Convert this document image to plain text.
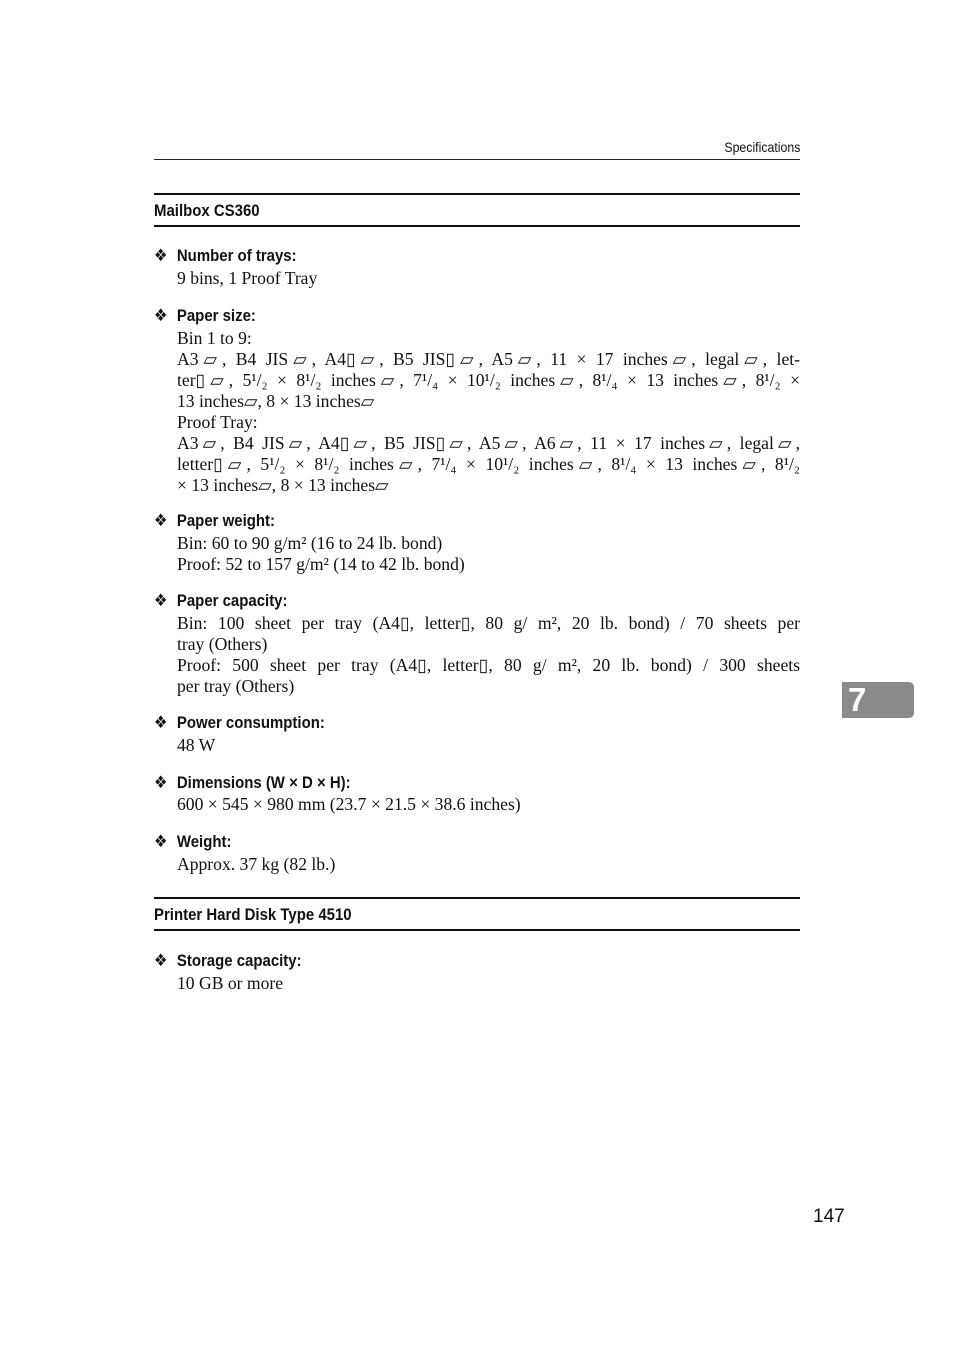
Specifications
Mailbox CS360
❖ Number of trays:
9 bins, 1 Proof Tray
❖ Paper size:
Bin 1 to 9:
A3▱, B4 JIS▱, A4▯▱, B5 JIS▯▱, A5▱, 11 × 17 inches▱, legal▱, let-
ter▯▱, 5¹/₂ × 8¹/₂ inches▱, 7¹/₄ × 10¹/₂ inches▱, 8¹/₄ × 13 inches▱, 8¹/₂ ×
13 inches▱, 8 × 13 inches▱
Proof Tray:
A3▱, B4 JIS▱, A4▯▱, B5 JIS▯▱, A5▱, A6▱, 11 × 17 inches▱, legal▱,
letter▯▱, 5¹/₂ × 8¹/₂ inches▱, 7¹/₄ × 10¹/₂ inches▱, 8¹/₄ × 13 inches▱, 8¹/₂
× 13 inches▱, 8 × 13 inches▱
❖ Paper weight:
Bin: 60 to 90 g/m² (16 to 24 lb. bond)
Proof: 52 to 157 g/m² (14 to 42 lb. bond)
❖ Paper capacity:
Bin: 100 sheet per tray (A4▯, letter▯, 80 g/ m², 20 lb. bond) / 70 sheets per
tray (Others)
Proof: 500 sheet per tray (A4▯, letter▯, 80 g/ m², 20 lb. bond) / 300 sheets
per tray (Others)
❖ Power consumption:
48 W
❖ Dimensions (W × D × H):
600 × 545 × 980 mm (23.7 × 21.5 × 38.6 inches)
❖ Weight:
Approx. 37 kg (82 lb.)
Printer Hard Disk Type 4510
❖ Storage capacity:
10 GB or more
7
147
